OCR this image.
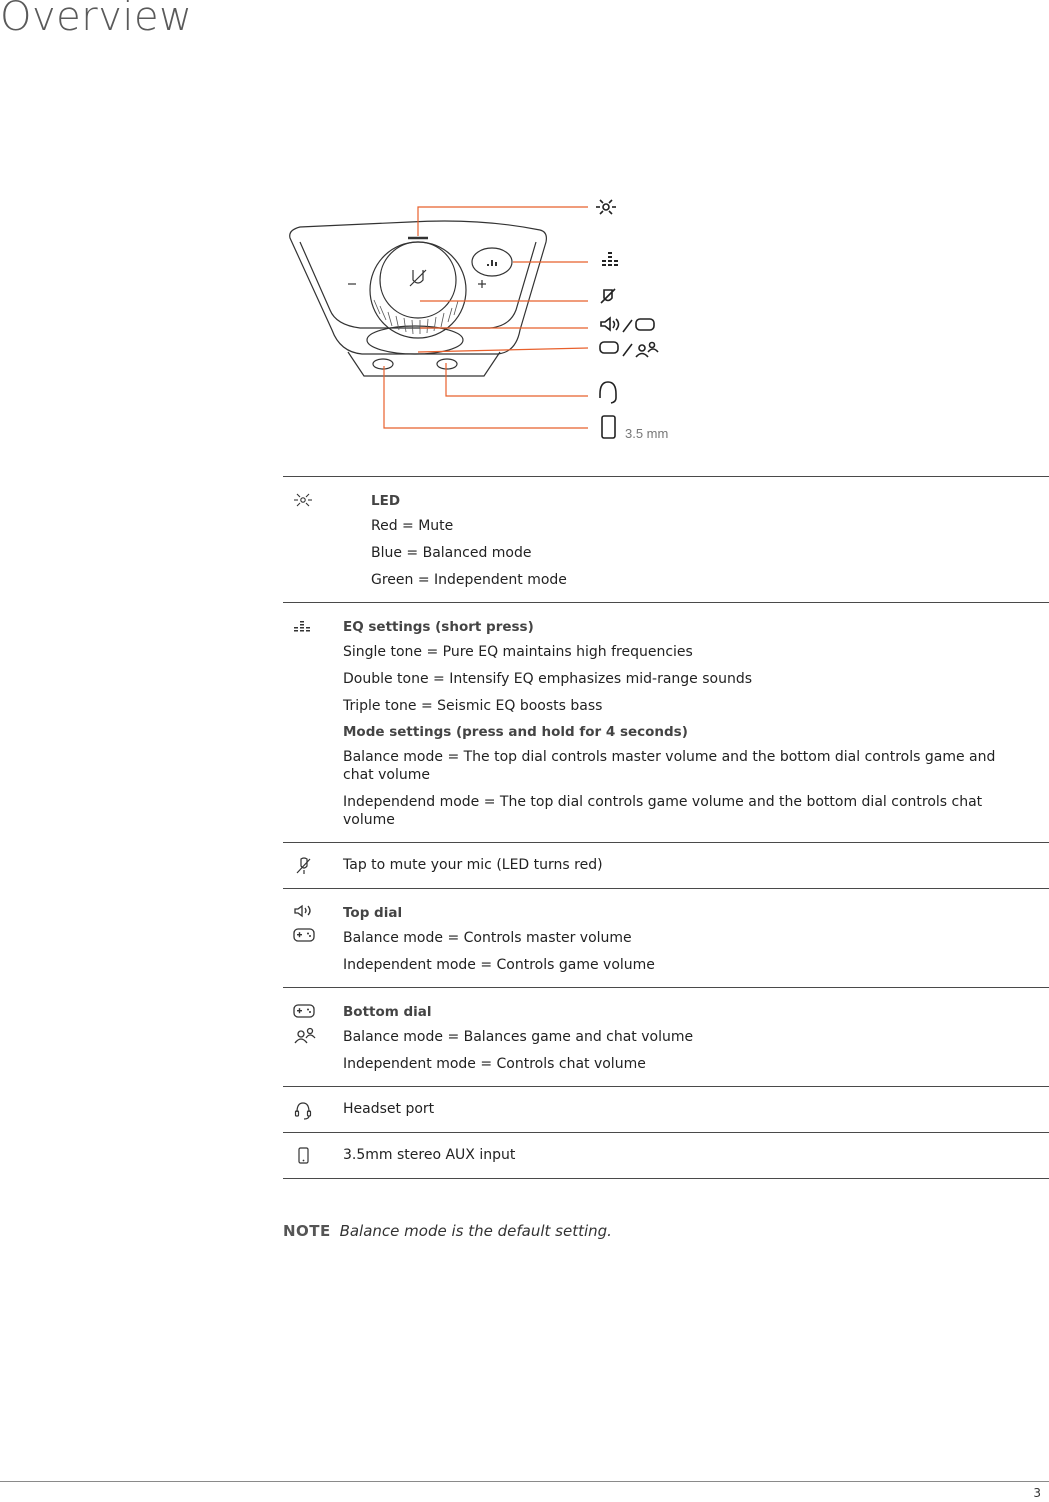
Overview
3.5 mm
LED
Red = Mute
Blue = Balanced mode
Green = Independent mode
EQ settings (short press)
Single tone = Pure EQ maintains high frequencies
Double tone = Intensify EQ emphasizes mid-range sounds
Triple tone = Seismic EQ boosts bass
Mode settings (press and hold for 4 seconds)
Balance mode = The top dial controls master volume and the bottom dial controls game and chat volume
Independend mode = The top dial controls game volume and the bottom dial controls chat volume
Tap to mute your mic (LED turns red)
Top dial
Balance mode = Controls master volume
Independent mode = Controls game volume
Bottom dial
Balance mode = Balances game and chat volume
Independent mode = Controls chat volume
Headset port
3.5mm stereo AUX input
NOTE Balance mode is the default setting.
3
